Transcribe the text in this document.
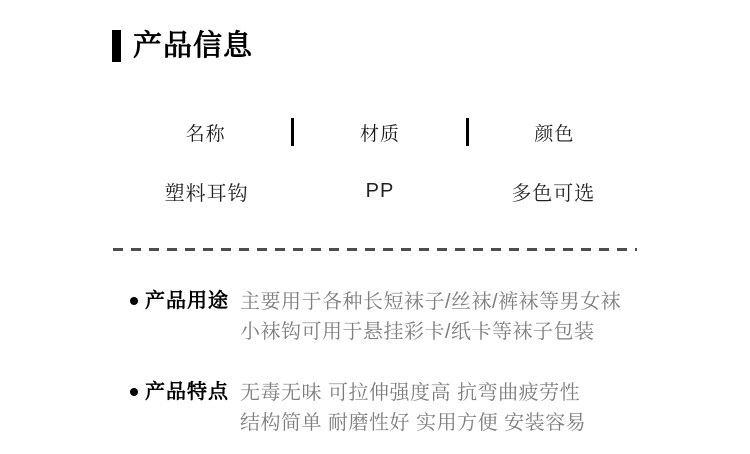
产品信息
名称	材质	颜色
塑料耳钩	PP	多色可选
产品用途 主要用于各种长短袜子/丝袜/裤袜等男女袜
小袜钩可用于悬挂彩卡/纸卡等袜子包装
产品特点 无毒无味 可拉伸强度高 抗弯曲疲劳性
结构简单 耐磨性好 实用方便 安装容易
